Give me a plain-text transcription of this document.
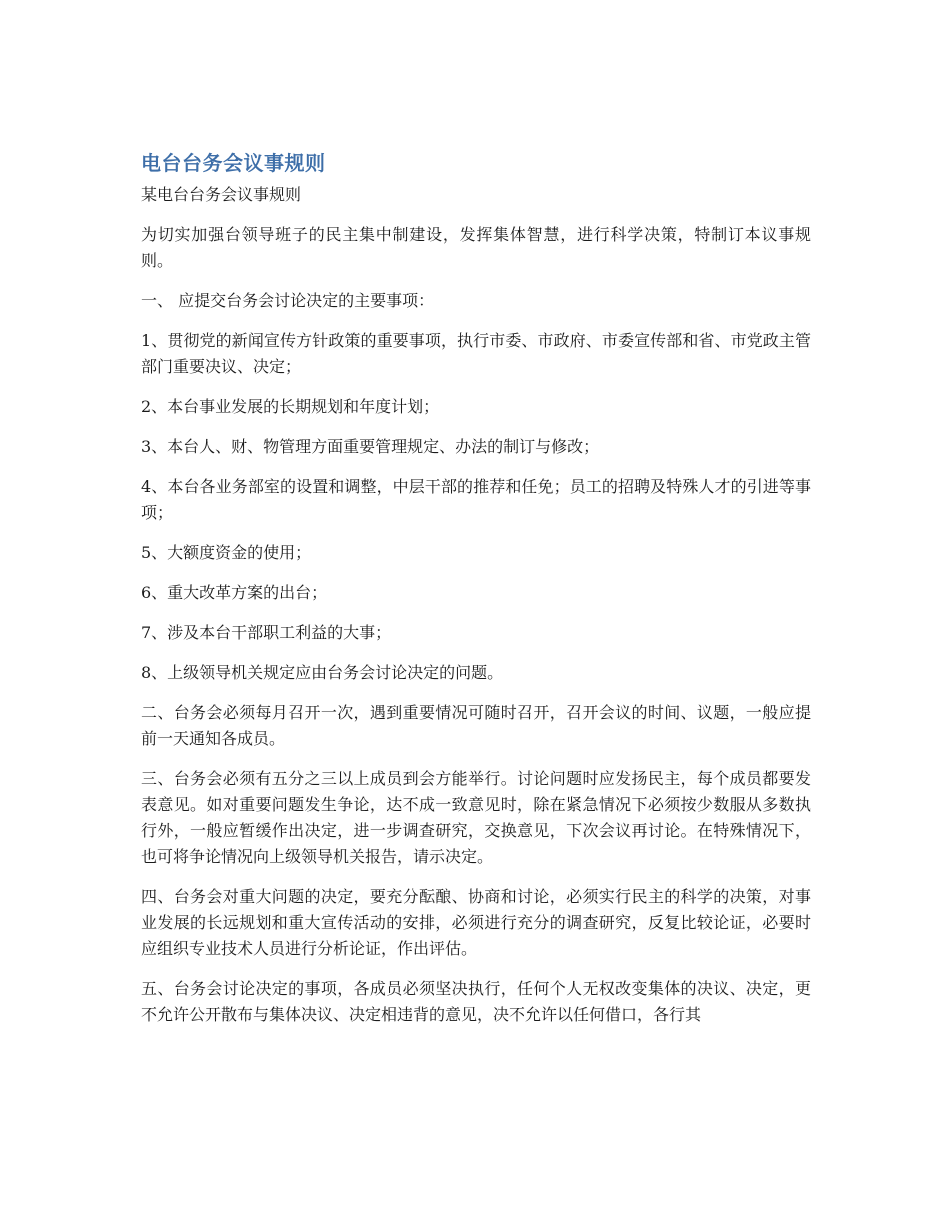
电台台务会议事规则

某电台台务会议事规则

为切实加强台领导班子的民主集中制建设，发挥集体智慧，进行科学决策，特制订本议事规则。

一、 应提交台务会讨论决定的主要事项：

1、贯彻党的新闻宣传方针政策的重要事项，执行市委、市政府、市委宣传部和省、市党政主管部门重要决议、决定；

2、本台事业发展的长期规划和年度计划；

3、本台人、财、物管理方面重要管理规定、办法的制订与修改；

4、本台各业务部室的设置和调整，中层干部的推荐和任免；员工的招聘及特殊人才的引进等事项；

5、大额度资金的使用；

6、重大改革方案的出台；

7、涉及本台干部职工利益的大事；

8、上级领导机关规定应由台务会讨论决定的问题。

二、台务会必须每月召开一次，遇到重要情况可随时召开，召开会议的时间、议题，一般应提前一天通知各成员。

三、台务会必须有五分之三以上成员到会方能举行。讨论问题时应发扬民主，每个成员都要发表意见。如对重要问题发生争论，达不成一致意见时，除在紧急情况下必须按少数服从多数执行外，一般应暂缓作出决定，进一步调查研究，交换意见，下次会议再讨论。在特殊情况下，也可将争论情况向上级领导机关报告，请示决定。

四、台务会对重大问题的决定，要充分酝酿、协商和讨论，必须实行民主的科学的决策，对事业发展的长远规划和重大宣传活动的安排，必须进行充分的调查研究，反复比较论证，必要时应组织专业技术人员进行分析论证，作出评估。

五、台务会讨论决定的事项，各成员必须坚决执行，任何个人无权改变集体的决议、决定，更不允许公开散布与集体决议、决定相违背的意见，决不允许以任何借口，各行其
